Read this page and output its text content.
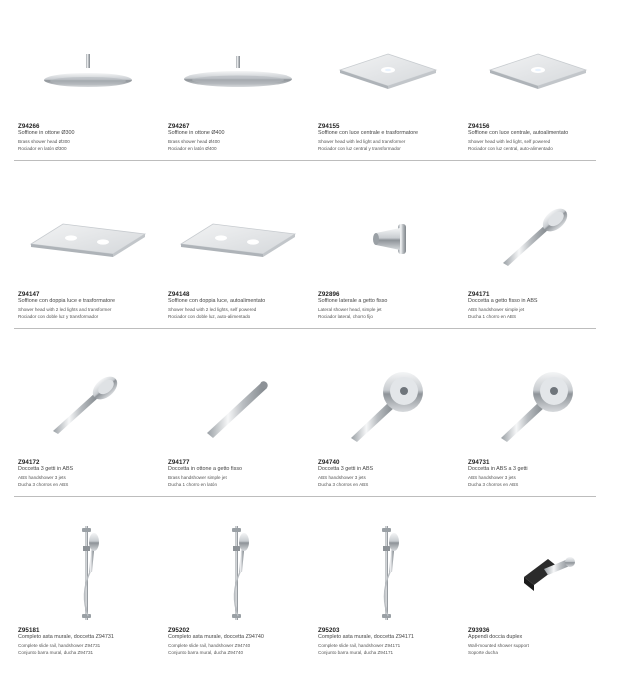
Z94266
Soffione in ottone Ø300
Brass shower head Ø300
Rociador en latón Ø300
Z94267
Soffione in ottone Ø400
Brass shower head Ø400
Rociador en latón Ø400
Z94155
Soffione con luce centrale e trasformatore
Shower head with led light and transformer
Rociador con luz central y transformador
Z94156
Soffione con luce centrale, autoalimentato
Shower head with led light, self powered
Rociador con luz central, auto-alimentado
Z94147
Soffione con doppia luce e trasformatore
Shower head with 2 led lights and transformer
Rociador con doble luz y transformador
Z94148
Soffione con doppia luce, autoalimentato
Shower head with 2 led lights, self powered
Rociador con doble luz, auto-alimentado
Z92896
Soffione laterale a getto fisso
Lateral shower head, simple jet
Rociador lateral, chorro fijo
Z94171
Doccetta a getto fisso in ABS
ABS handshower simple jet
Ducha 1 chorro en ABS
Z94172
Doccetta 3 getti in ABS
ABS handshower 3 jets
Ducha 3 chorros en ABS
Z94177
Doccetta in ottone a getto fisso
Brass handshower simple jet
Ducha 1 chorro en latón
Z94740
Doccetta 3 getti in ABS
ABS handshower 3 jets
Ducha 3 chorros en ABS
Z94731
Doccetta in ABS a 3 getti
ABS handshower 3 jets
Ducha 3 chorros en ABS
Z95181
Completo asta murale, doccetta Z94731
Complete slide rail, handshower Z94731
Conjunto barra mural, ducha Z94731
Z95202
Completo asta murale, doccetta Z94740
Complete slide rail, handshower Z94740
Conjunto barra mural, ducha Z94740
Z95203
Completo asta murale, doccetta Z94171
Complete slide rail, handshower Z94171
Conjunto barra mural, ducha Z94171
Z93936
Appendi doccia duplex
Wall-mounted shower support
Soporte ducha
